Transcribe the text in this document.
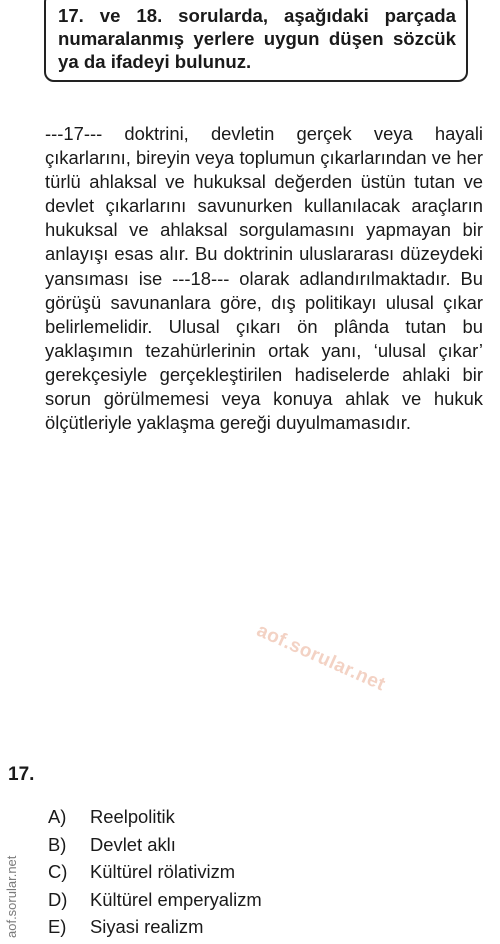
17. ve 18. sorularda, aşağıdaki parçada numaralanmış yerlere uygun düşen sözcük ya da ifadeyi bulunuz.

---17--- doktrini, devletin gerçek veya hayali çıkarlarını, bireyin veya toplumun çıkarlarından ve her türlü ahlaksal ve hukuksal değerden üstün tutan ve devlet çıkarlarını savunurken kullanılacak araçların hukuksal ve ahlaksal sorgulamasını yapmayan bir anlayışı esas alır. Bu doktrinin uluslararası düzeydeki yansıması ise ---18--- olarak adlandırılmaktadır. Bu görüşü savunanlara göre, dış politikayı ulusal çıkar belirlemelidir. Ulusal çıkarı ön plânda tutan bu yaklaşımın tezahürlerinin ortak yanı, ‘ulusal çıkar’ gerekçesiyle gerçekleştirilen hadiselerde ahlaki bir sorun görülmemesi veya konuya ahlak ve hukuk ölçütleriyle yaklaşma gereği duyulmamasıdır.

aof.sorular.net
aof.sorular.net
17.
A) Reelpolitik
B) Devlet aklı
C) Kültürel rölativizm
D) Kültürel emperyalizm
E) Siyasi realizm
